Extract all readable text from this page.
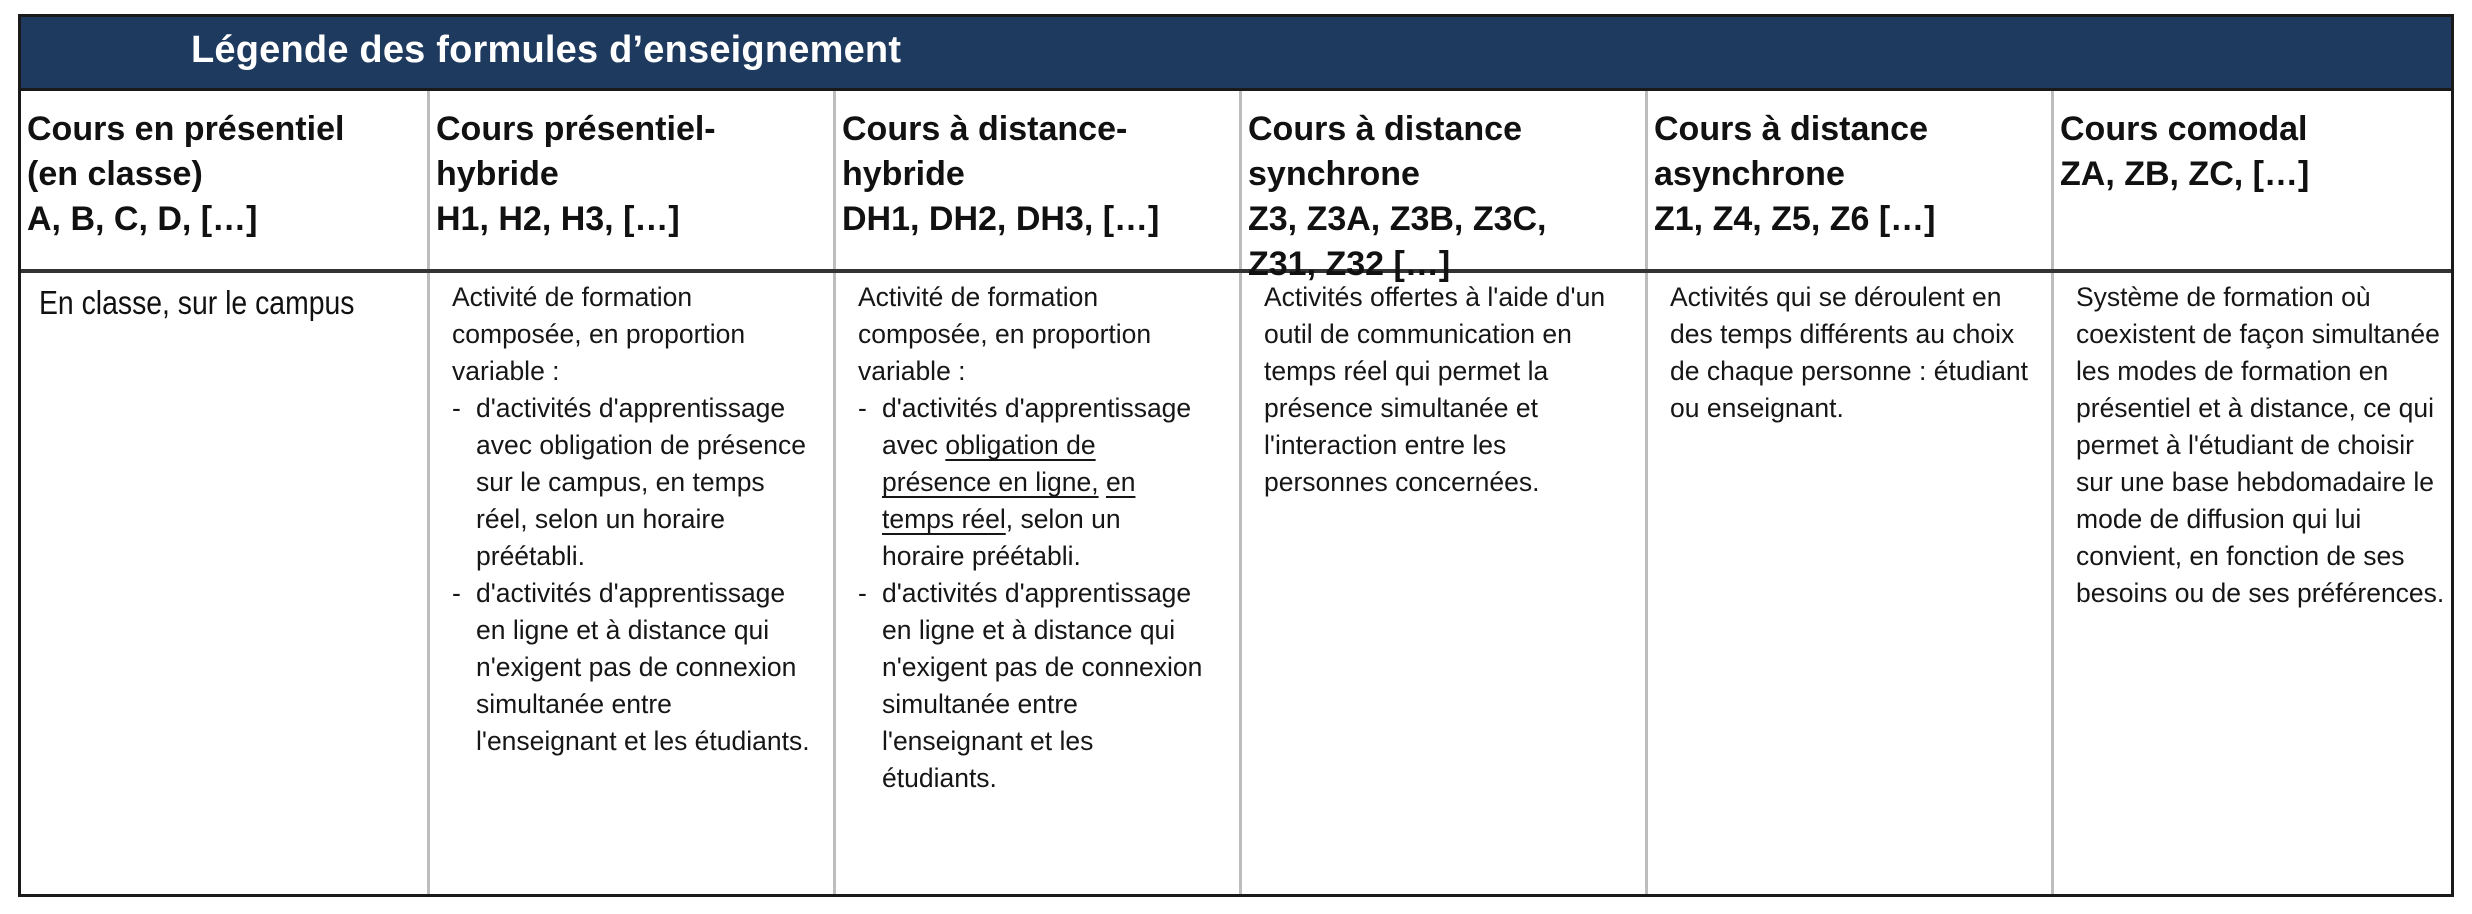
Légende des formules d’enseignement
Cours en présentiel
(en classe)
A, B, C, D, […]
Cours présentiel-
hybride
H1, H2, H3, […]
Cours à distance-
hybride
DH1, DH2, DH3, […]
Cours à distance
synchrone
Z3, Z3A, Z3B, Z3C, Z31, Z32 […]
Cours à distance
asynchrone
Z1, Z4, Z5, Z6 […]
Cours comodal
ZA, ZB, ZC, […]
En classe, sur le campus	Activité de formation composée, en proportion variable :

- d'activités d'apprentissage avec obligation de présence sur le campus, en temps réel, selon un horaire préétabli.
- d'activités d'apprentissage en ligne et à distance qui n'exigent pas de connexion simultanée entre l'enseignant et les étudiants.

Activité de formation composée, en proportion variable :

- d'activités d'apprentissage avec obligation de présence en ligne, en temps réel, selon un horaire préétabli.
- d'activités d'apprentissage en ligne et à distance qui n'exigent pas de connexion simultanée entre l'enseignant et les étudiants.
Activités offertes à l'aide d'un outil de communication en temps réel qui permet la présence simultanée et l'interaction entre les personnes concernées.
Activités qui se déroulent en des temps différents au choix de chaque personne : étudiant ou enseignant.
Système de formation où coexistent de façon simultanée les modes de formation en présentiel et à distance, ce qui permet à l'étudiant de choisir sur une base hebdomadaire le mode de diffusion qui lui convient, en fonction de ses besoins ou de ses préférences.
